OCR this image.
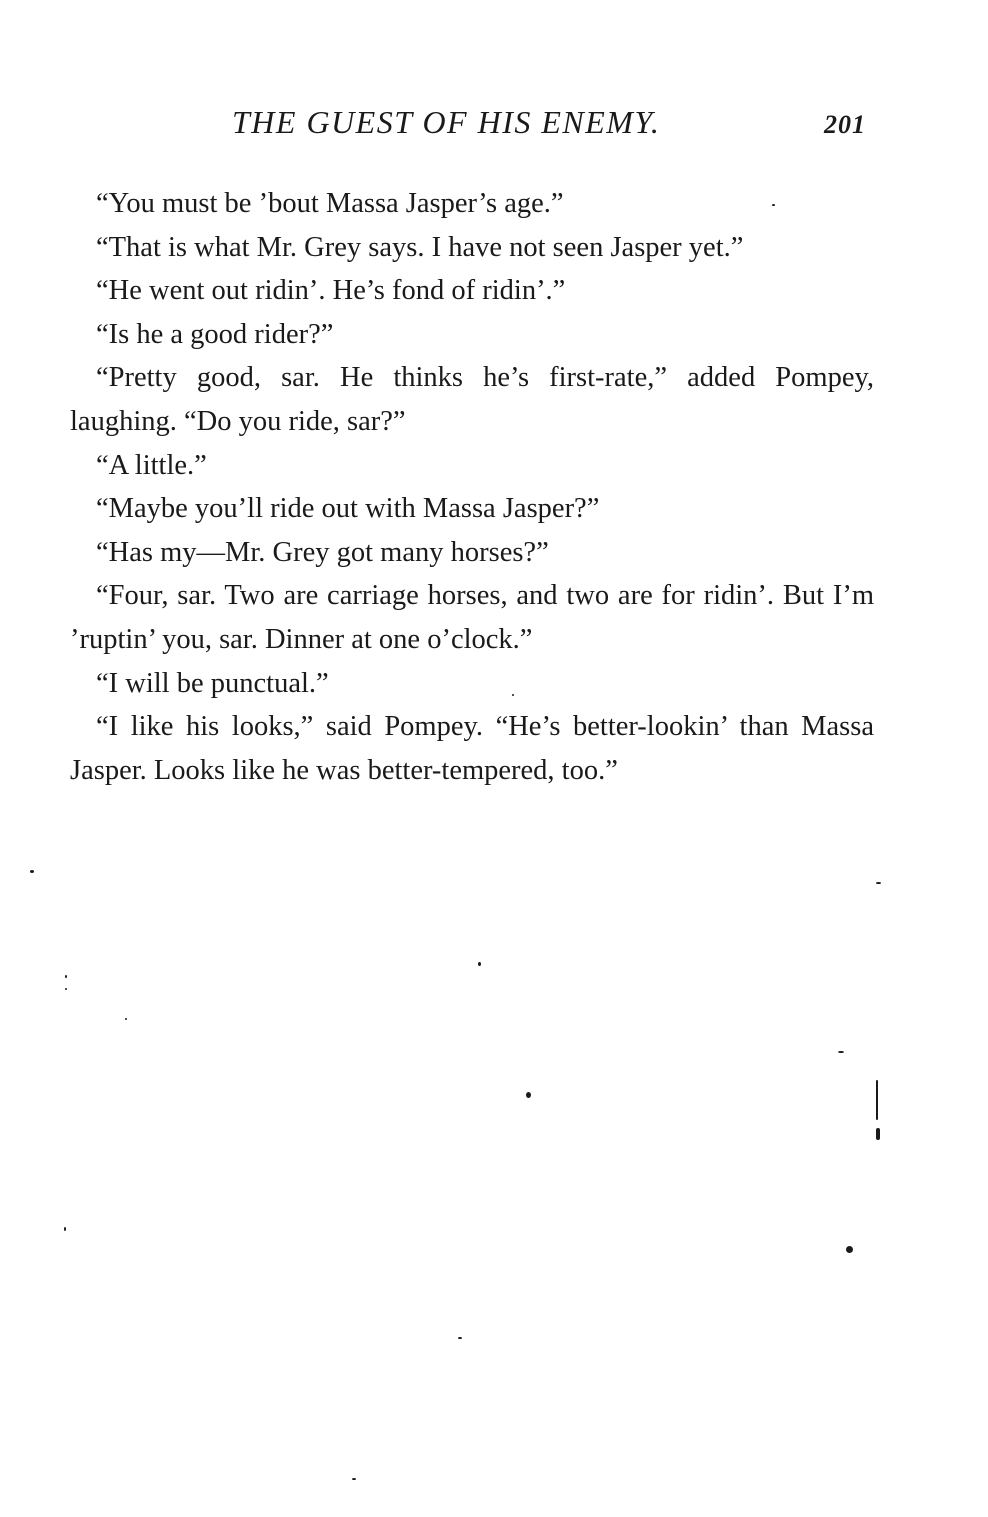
THE GUEST OF HIS ENEMY.	201

“You must be ’bout Massa Jasper’s age.”

“That is what Mr. Grey says. I have not seen Jasper yet.”

“He went out ridin’. He’s fond of ridin’.”

“Is he a good rider?”

“Pretty good, sar. He thinks he’s first-rate,” added Pompey, laughing. “Do you ride, sar?”

“A little.”

“Maybe you’ll ride out with Massa Jasper?”

“Has my—Mr. Grey got many horses?”

“Four, sar. Two are carriage horses, and two are for ridin’. But I’m ’ruptin’ you, sar. Dinner at one o’clock.”

“I will be punctual.”

“I like his looks,” said Pompey. “He’s better-lookin’ than Massa Jasper. Looks like he was better-tempered, too.”
